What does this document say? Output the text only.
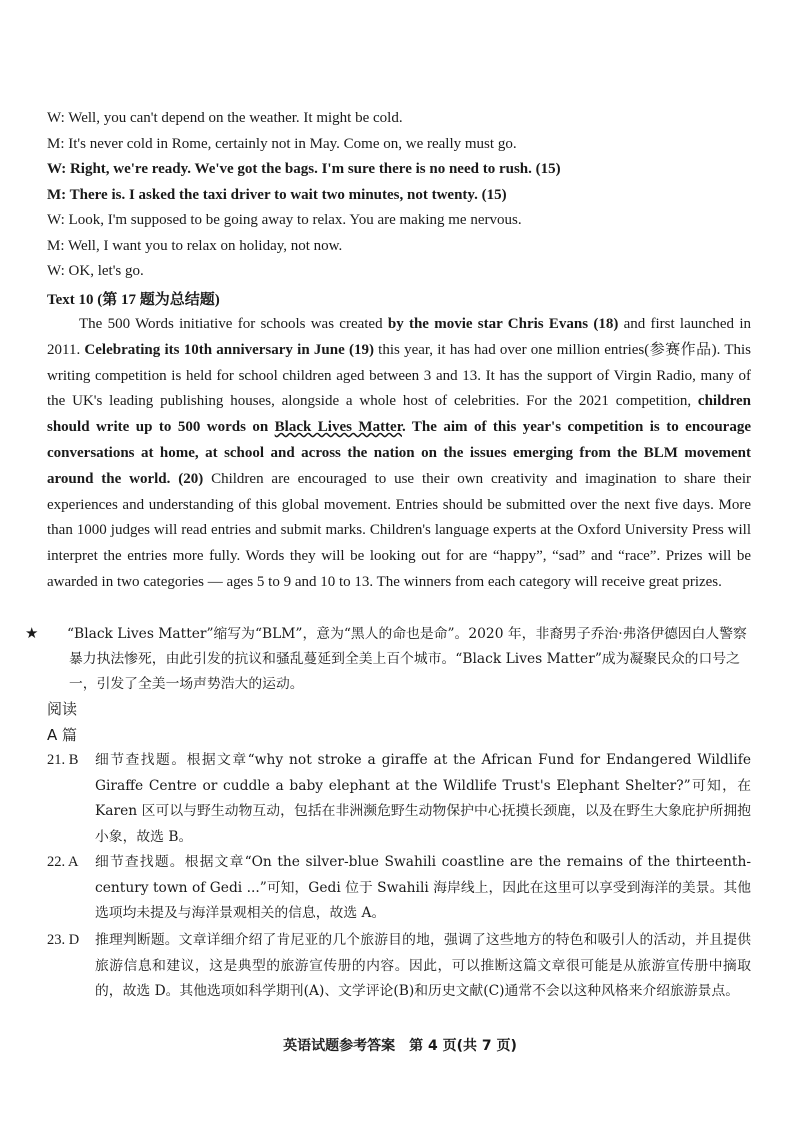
W: Well, you can't depend on the weather. It might be cold.
M: It's never cold in Rome, certainly not in May. Come on, we really must go.
W: Right, we're ready. We've got the bags. I'm sure there is no need to rush. (15)
M: There is. I asked the taxi driver to wait two minutes, not twenty. (15)
W: Look, I'm supposed to be going away to relax. You are making me nervous.
M: Well, I want you to relax on holiday, not now.
W: OK, let's go.
Text 10 (第 17 题为总结题)
The 500 Words initiative for schools was created by the movie star Chris Evans (18) and first launched in 2011. Celebrating its 10th anniversary in June (19) this year, it has had over one million entries(参赛作品). This writing competition is held for school children aged between 3 and 13. It has the support of Virgin Radio, many of the UK's leading publishing houses, alongside a whole host of celebrities. For the 2021 competition, children should write up to 500 words on Black Lives Matter. The aim of this year's competition is to encourage conversations at home, at school and across the nation on the issues emerging from the BLM movement around the world. (20) Children are encouraged to use their own creativity and imagination to share their experiences and understanding of this global movement. Entries should be submitted over the next five days. More than 1000 judges will read entries and submit marks. Children's language experts at the Oxford University Press will interpret the entries more fully. Words they will be looking out for are “happy”, “sad” and “race”. Prizes will be awarded in two categories — ages 5 to 9 and 10 to 13. The winners from each category will receive great prizes.
★ “Black Lives Matter”缩写为“BLM”，意为“黑人的命也是命”。2020 年，非裔男子乔治·弗洛伊德因白人警察暴力执法惨死，由此引发的抗议和骚乱蔓延到全美上百个城市。“Black Lives Matter”成为凝聚民众的口号之一，引发了全美一场声势浩大的运动。
阅读
A 篇
21. B	细节查找题。根据文章“why not stroke a giraffe at the African Fund for Endangered Wildlife Giraffe Centre or cuddle a baby elephant at the Wildlife Trust's Elephant Shelter?”可知，在 Karen 区可以与野生动物互动，包括在非洲濒危野生动物保护中心抚摸长颈鹿，以及在野生大象庇护所拥抱小象，故选 B。
22. A	细节查找题。根据文章“On the silver-blue Swahili coastline are the remains of the thirteenth-century town of Gedi ...”可知，Gedi 位于 Swahili 海岸线上，因此在这里可以享受到海洋的美景。其他选项均未提及与海洋景观相关的信息，故选 A。
23. D	推理判断题。文章详细介绍了肯尼亚的几个旅游目的地，强调了这些地方的特色和吸引人的活动，并且提供旅游信息和建议，这是典型的旅游宣传册的内容。因此，可以推断这篇文章很可能是从旅游宣传册中摘取的，故选 D。其他选项如科学期刊(A)、文学评论(B)和历史文献(C)通常不会以这种风格来介绍旅游景点。
英语试题参考答案　第 4 页(共 7 页)
